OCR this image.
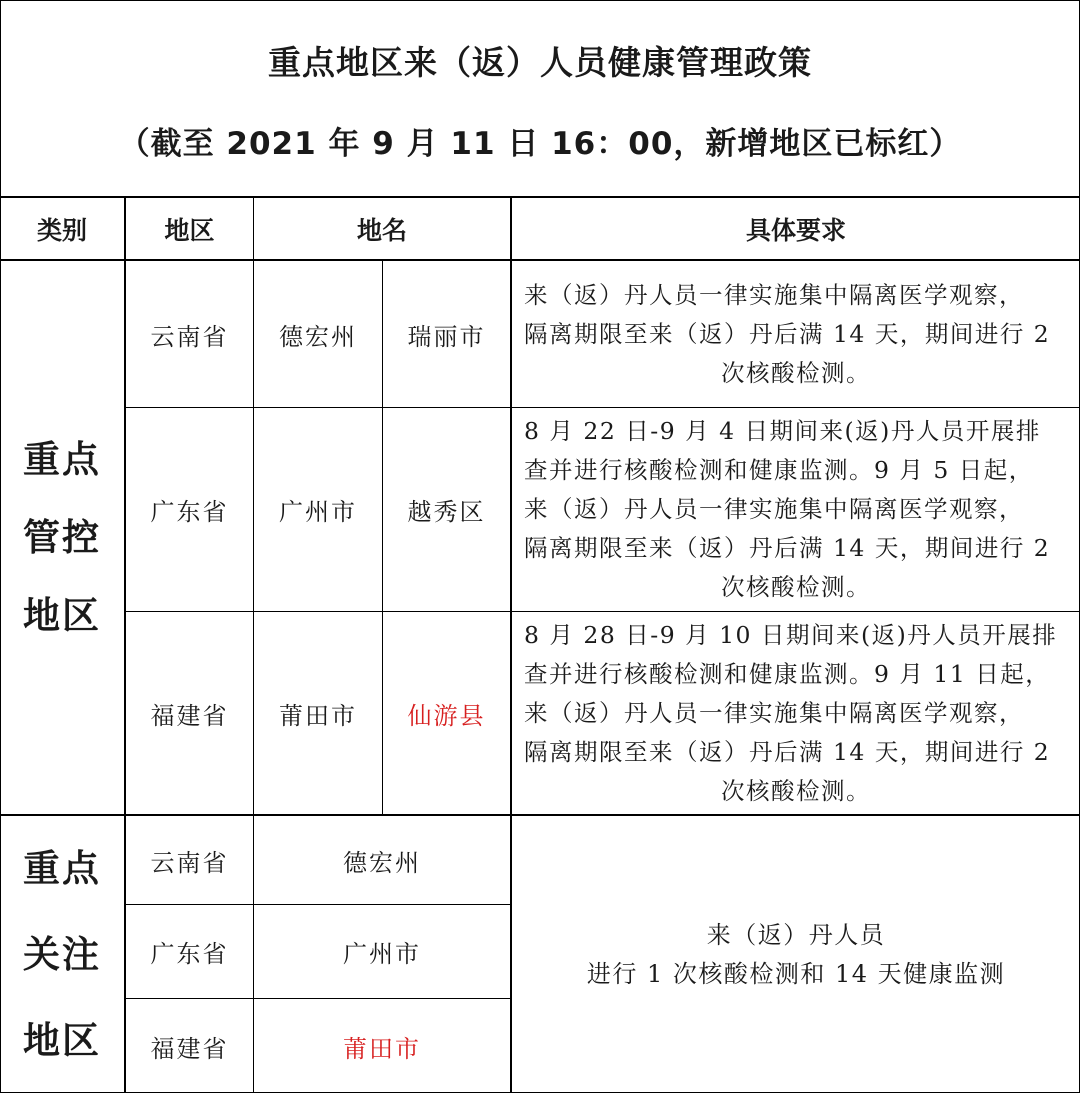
重点地区来（返）人员健康管理政策
（截至 2021 年 9 月 11 日 16：00，新增地区已标红）
类别	地区	地名	具体要求
重点
管控
地区
云南省	德宏州	瑞丽市

来（返）丹人员一律实施集中隔离医学观察，

隔离期限至来（返）丹后满 14 天，期间进行 2

次核酸检测。

广东省	广州市	越秀区

8 月 22 日-9 月 4 日期间来(返)丹人员开展排

查并进行核酸检测和健康监测。9 月 5 日起，

来（返）丹人员一律实施集中隔离医学观察，

隔离期限至来（返）丹后满 14 天，期间进行 2

次核酸检测。

福建省	莆田市	仙游县

8 月 28 日-9 月 10 日期间来(返)丹人员开展排

查并进行核酸检测和健康监测。9 月 11 日起，

来（返）丹人员一律实施集中隔离医学观察，

隔离期限至来（返）丹后满 14 天，期间进行 2

次核酸检测。

重点
关注
地区
云南省	德宏州
广东省	广州市
福建省	莆田市
来（返）丹人员
进行 1 次核酸检测和 14 天健康监测
